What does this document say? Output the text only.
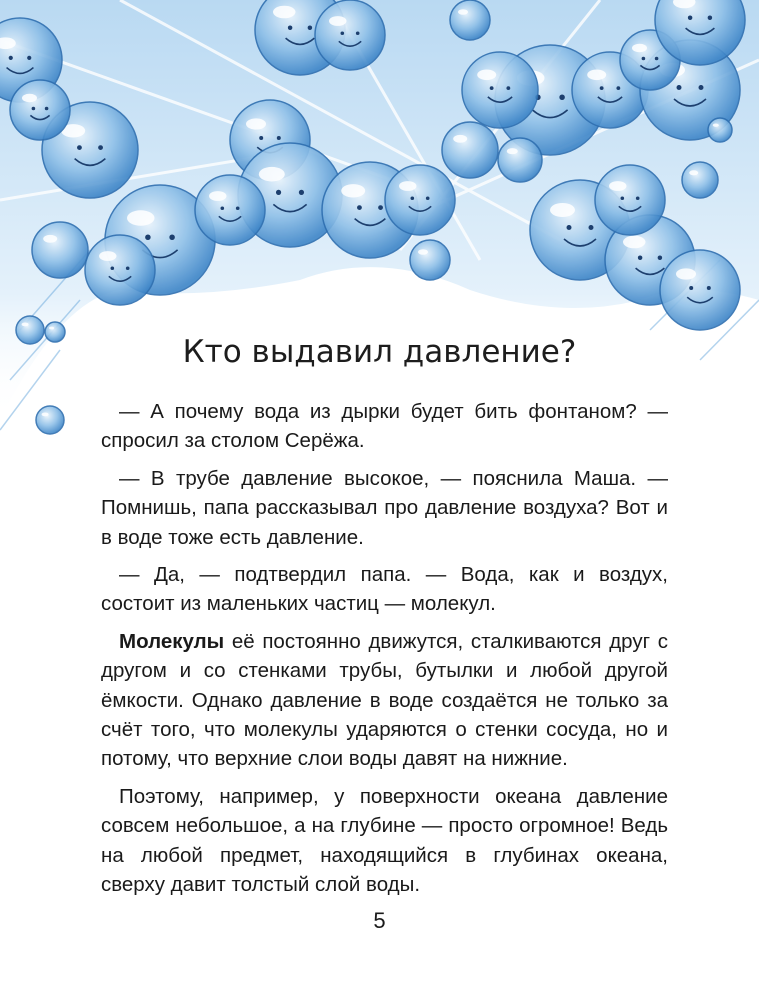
Кто выдавил давление?

— А почему вода из дырки будет бить фонтаном? — спросил за столом Серёжа.

— В трубе давление высокое, — пояснила Маша. — Помнишь, папа рассказывал про давление воздуха? Вот и в воде тоже есть давление.

— Да, — подтвердил папа. — Вода, как и воздух, состоит из маленьких частиц — молекул.

Молекулы её постоянно движутся, сталкиваются друг с другом и со стенками трубы, бутылки и любой другой ёмкости. Однако давление в воде создаётся не только за счёт того, что молекулы ударяются о стенки сосуда, но и потому, что верхние слои воды давят на нижние.

Поэтому, например, у поверхности океана давление совсем небольшое, а на глубине — просто огромное! Ведь на любой предмет, находящийся в глубинах океана, сверху давит толстый слой воды.

5
